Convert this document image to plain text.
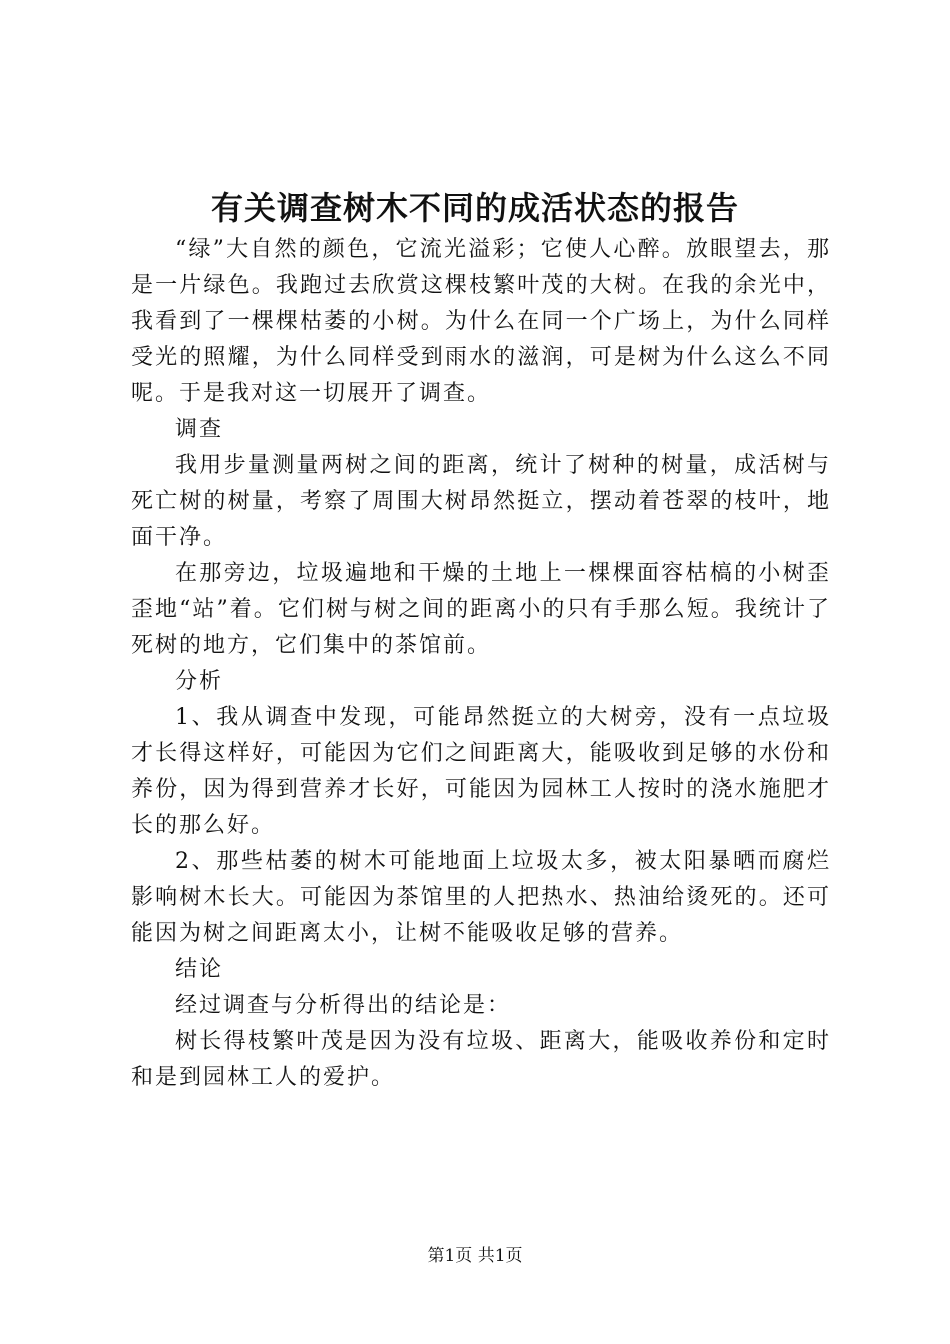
有关调查树木不同的成活状态的报告

“绿”大自然的颜色，它流光溢彩；它使人心醉。放眼望去，那是一片绿色。我跑过去欣赏这棵枝繁叶茂的大树。在我的余光中，我看到了一棵棵枯萎的小树。为什么在同一个广场上，为什么同样受光的照耀，为什么同样受到雨水的滋润，可是树为什么这么不同呢。于是我对这一切展开了调查。

调查

我用步量测量两树之间的距离，统计了树种的树量，成活树与死亡树的树量，考察了周围大树昂然挺立，摆动着苍翠的枝叶，地面干净。

在那旁边，垃圾遍地和干燥的土地上一棵棵面容枯槁的小树歪歪地“站”着。它们树与树之间的距离小的只有手那么短。我统计了死树的地方，它们集中的茶馆前。

分析

1、我从调查中发现，可能昂然挺立的大树旁，没有一点垃圾才长得这样好，可能因为它们之间距离大，能吸收到足够的水份和养份，因为得到营养才长好，可能因为园林工人按时的浇水施肥才长的那么好。

2、那些枯萎的树木可能地面上垃圾太多，被太阳暴晒而腐烂影响树木长大。可能因为茶馆里的人把热水、热油给烫死的。还可能因为树之间距离太小，让树不能吸收足够的营养。

结论

经过调查与分析得出的结论是：

树长得枝繁叶茂是因为没有垃圾、距离大，能吸收养份和定时和是到园林工人的爱护。

第1页 共1页
